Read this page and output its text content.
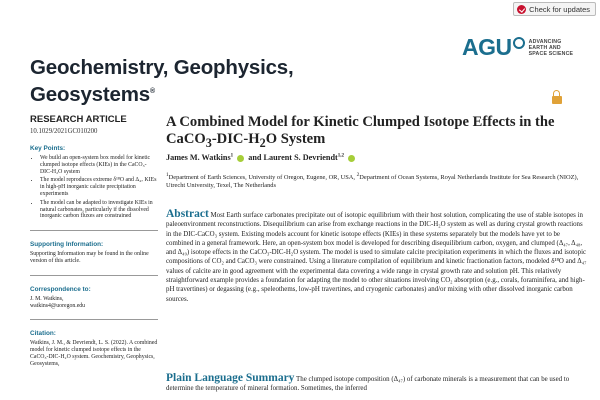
Check for updates
AGU	ADVANCING
EARTH AND
SPACE SCIENCE
Geochemistry, Geophysics,
Geosystems®
RESEARCH ARTICLE
10.1029/2021GC010200
Key Points:
• We build an open-system box model for kinetic clumped isotope effects (KIEs) in the CaCO₃-DIC-H₂O system
• The model reproduces extreme δ¹⁸O and Δ₄₇ KIEs in high-pH inorganic calcite precipitation experiments
• The model can be adapted to investigate KIEs in natural carbonates, particularly if the dissolved inorganic carbon fluxes are constrained
Supporting Information:
Supporting Information may be found in the online version of this article.
Correspondence to:
J. M. Watkins,
watkins4@uoregon.edu
Citation:
Watkins, J. M., & Devriendt, L. S. (2022). A combined model for kinetic clumped isotope effects in the CaCO₃-DIC-H₂O system. Geochemistry, Geophysics, Geosystems,
A Combined Model for Kinetic Clumped Isotope Effects in the $CaCO_3-DIC-H_2O$ System
James M. Watkins$^1$  and Laurent S. Devriendt$^{1,2}$
$^1$Department of Earth Sciences, University of Oregon, Eugene, OR, USA, $^2$Department of Ocean Systems, Royal Netherlands Institute for Sea Research (NIOZ), Utrecht University, Texel, The Netherlands

Abstract Most Earth surface carbonates precipitate out of isotopic equilibrium with their host solution, complicating the use of stable isotopes in paleoenvironment reconstructions. Disequilibrium can arise from exchange reactions in the DIC-H₂O system as well as during crystal growth reactions in the DIC-CaCO₃ system. Existing models account for kinetic isotope effects (KIEs) in these systems separately but the models have yet to be combined in a general framework. Here, an open-system box model is developed for describing disequilibrium carbon, oxygen, and clumped (Δ₄₇, Δ₄₈, and Δ₄₉) isotope effects in the CaCO₃-DIC-H₂O system. The model is used to simulate calcite precipitation experiments in which the fluxes and isotopic compositions of CO₂ and CaCO₃ were constrained. Using a literature compilation of equilibrium and kinetic fractionation factors, modeled δ¹⁸O and Δ₄₇ values of calcite are in good agreement with the experimental data covering a wide range in crystal growth rate and solution pH. This relatively straightforward example provides a foundation for adapting the model to other situations involving CO₂ absorption (e.g., corals, foraminifera, and high-pH travertines) or degassing (e.g., speleothems, low-pH travertines, and cryogenic carbonates) and/or mixing with other dissolved inorganic carbon sources.

Plain Language Summary The clumped isotope composition (Δ₄₇) of carbonate minerals is a measurement that can be used to determine the temperature of mineral formation. Sometimes, the inferred
